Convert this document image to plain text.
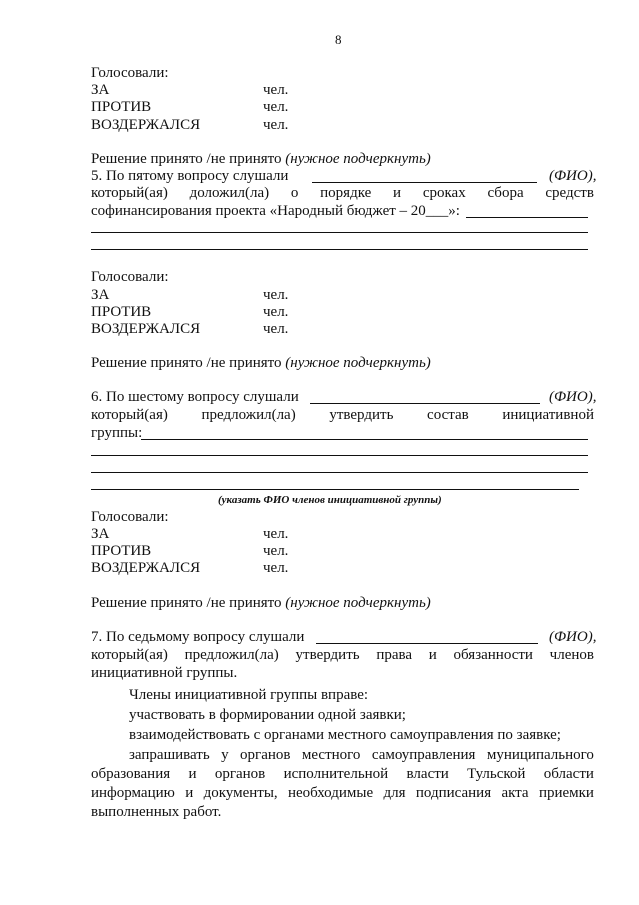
8
Голосовали:
ЗА	чел.
ПРОТИВ	чел.
ВОЗДЕРЖАЛСЯ	чел.
Решение принято /не принято (нужное подчеркнуть)
5. По пятому вопросу слушали	(ФИО),
который(ая) доложил(ла) о порядке и сроках сбора средств
софинансирования проекта «Народный бюджет – 20___»:
Голосовали:
ЗА	чел.
ПРОТИВ	чел.
ВОЗДЕРЖАЛСЯ	чел.
Решение принято /не принято (нужное подчеркнуть)
6. По шестому вопросу слушали	(ФИО),
который(ая) предложил(ла) утвердить состав инициативной
группы:
(указать ФИО членов инициативной группы)
Голосовали:
ЗА	чел.
ПРОТИВ	чел.
ВОЗДЕРЖАЛСЯ	чел.
Решение принято /не принято (нужное подчеркнуть)
7. По седьмому вопросу слушали	(ФИО),
который(ая) предложил(ла) утвердить права и обязанности членов
инициативной группы.
Члены инициативной группы вправе:
участвовать в формировании одной заявки;
взаимодействовать с органами местного самоуправления по заявке;
запрашивать у органов местного самоуправления муниципального
образования и органов исполнительной власти Тульской области
информацию и документы, необходимые для подписания акта приемки
выполненных работ.
